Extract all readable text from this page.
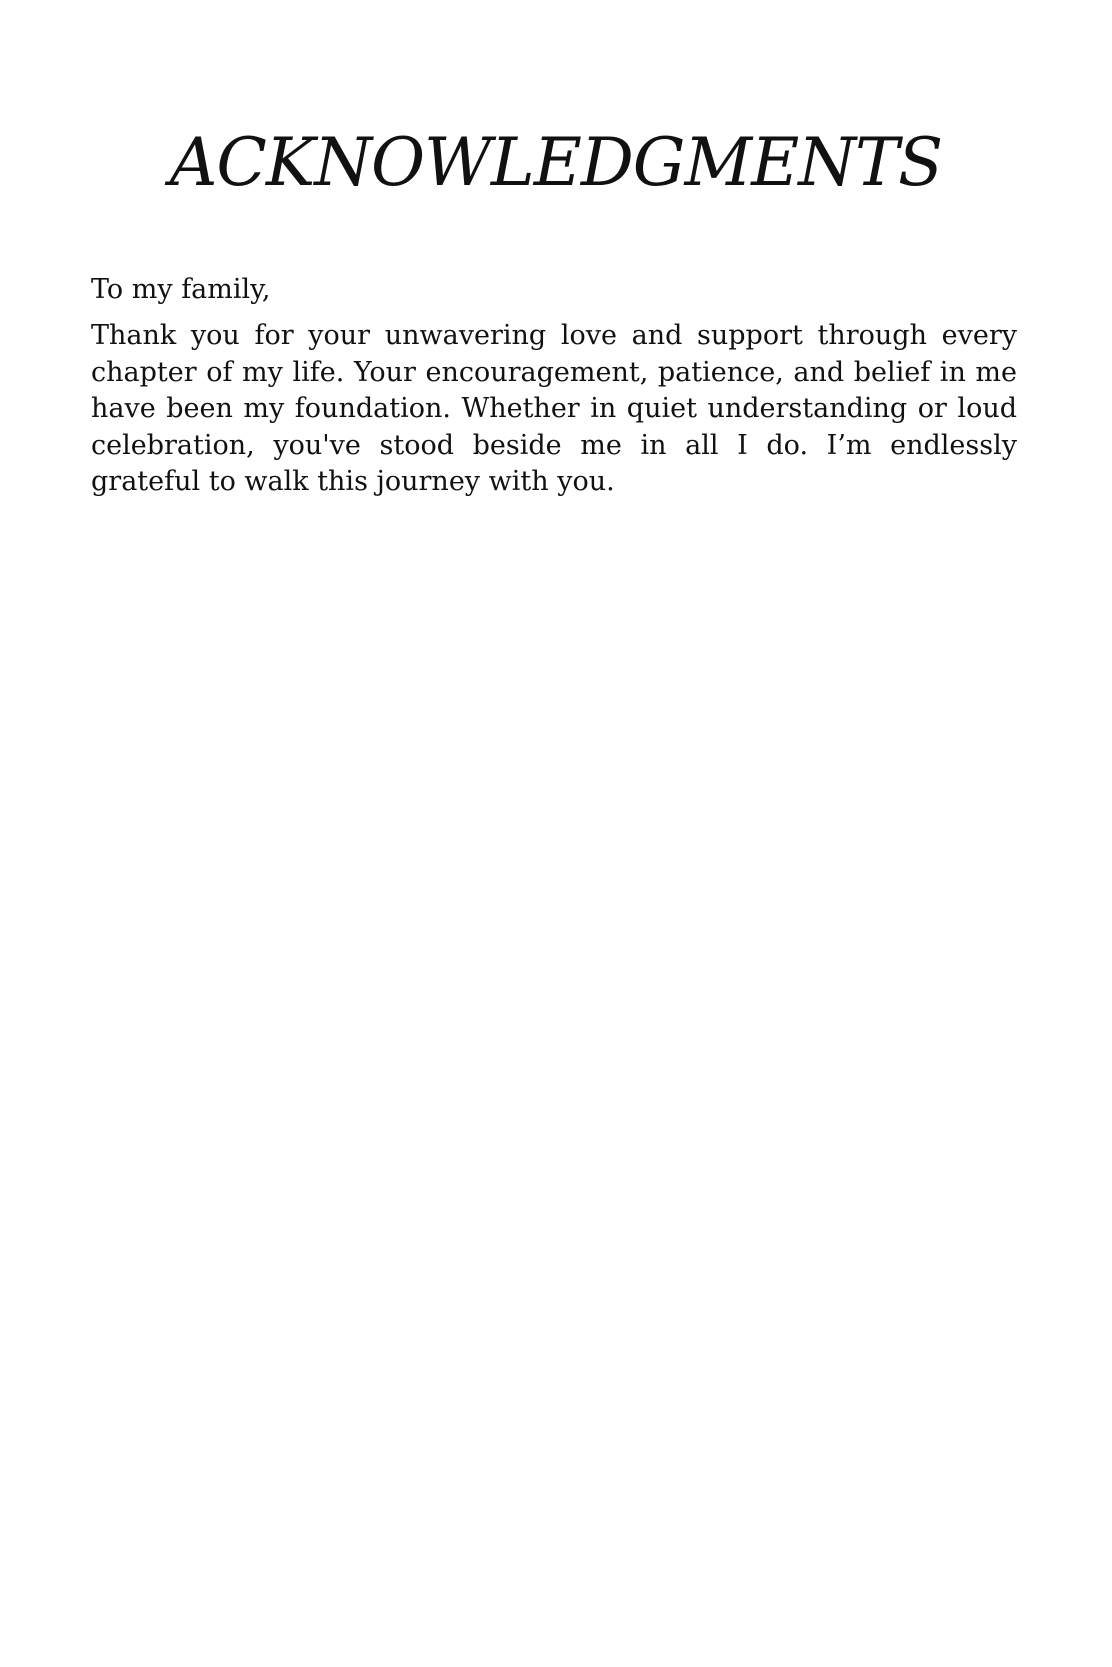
ACKNOWLEDGMENTS

To my family,

Thank you for your unwavering love and support through every chapter of my life. Your encouragement, patience, and belief in me have been my foundation. Whether in quiet understanding or loud celebration, you've stood beside me in all I do. I’m endlessly grateful to walk this journey with you.
